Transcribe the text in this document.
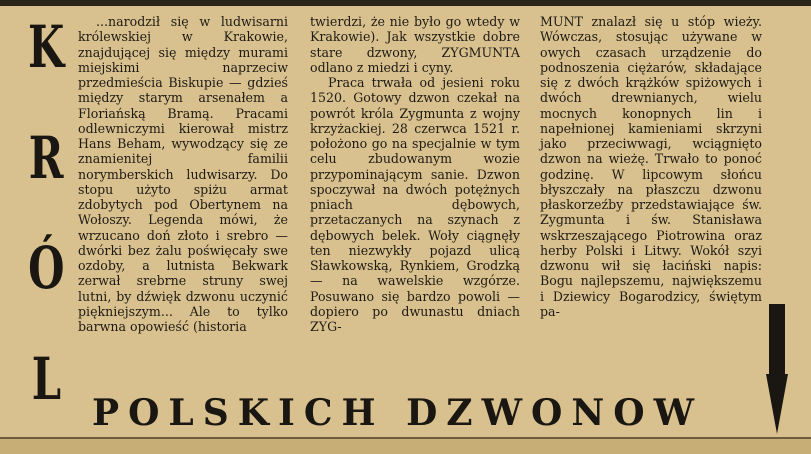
K
R
Ó
L

...narodził się w ludwisarni królewskiej w Krakowie, znajdującej się między murami miejskimi naprzeciw przedmieścia Biskupie — gdzieś między starym arsenałem a Floriańską Bramą. Pracami odlewniczymi kierował mistrz Hans Beham, wywodzący się ze znamienitej familii norymberskich ludwisarzy. Do stopu użyto spiżu armat zdobytych pod Obertynem na Wołoszy. Legenda mówi, że wrzucano doń złoto i srebro — dwórki bez żalu poświęcały swe ozdoby, a lutnista Bekwark zerwał srebrne struny swej lutni, by dźwięk dzwonu uczynić piękniejszym... Ale to tylko barwna opowieść (historia

twierdzi, że nie było go wtedy w Krakowie). Jak wszystkie dobre stare dzwony, ZYGMUNTA odlano z miedzi i cyny.

Praca trwała od jesieni roku 1520. Gotowy dzwon czekał na powrót króla Zygmunta z wojny krzyżackiej. 28 czerwca 1521 r. położono go na specjalnie w tym celu zbudowanym wozie przypominającym sanie. Dzwon spoczywał na dwóch potężnych pniach dębowych, przetaczanych na szynach z dębowych belek. Woły ciągnęły ten niezwykły pojazd ulicą Sławkowską, Rynkiem, Grodzką — na wawelskie wzgórze. Posuwano się bardzo powoli — dopiero po dwunastu dniach ZYG-

MUNT znalazł się u stóp wieży. Wówczas, stosując używane w owych czasach urządzenie do podnoszenia ciężarów, składające się z dwóch krążków spiżowych i dwóch drewnianych, wielu mocnych konopnych lin i napełnionej kamieniami skrzyni jako przeciwwagi, wciągnięto dzwon na wieżę. Trwało to ponoć godzinę. W lipcowym słońcu błyszczały na płaszczu dzwonu płaskorzeźby przedstawiające św. Zygmunta i św. Stanisława wskrzeszającego Piotrowina oraz herby Polski i Litwy. Wokół szyi dzwonu wił się łaciński napis: Bogu najlepszemu, największemu i Dziewicy Bogarodzicy, świętym pa-

POLSKICH DZWONOW
